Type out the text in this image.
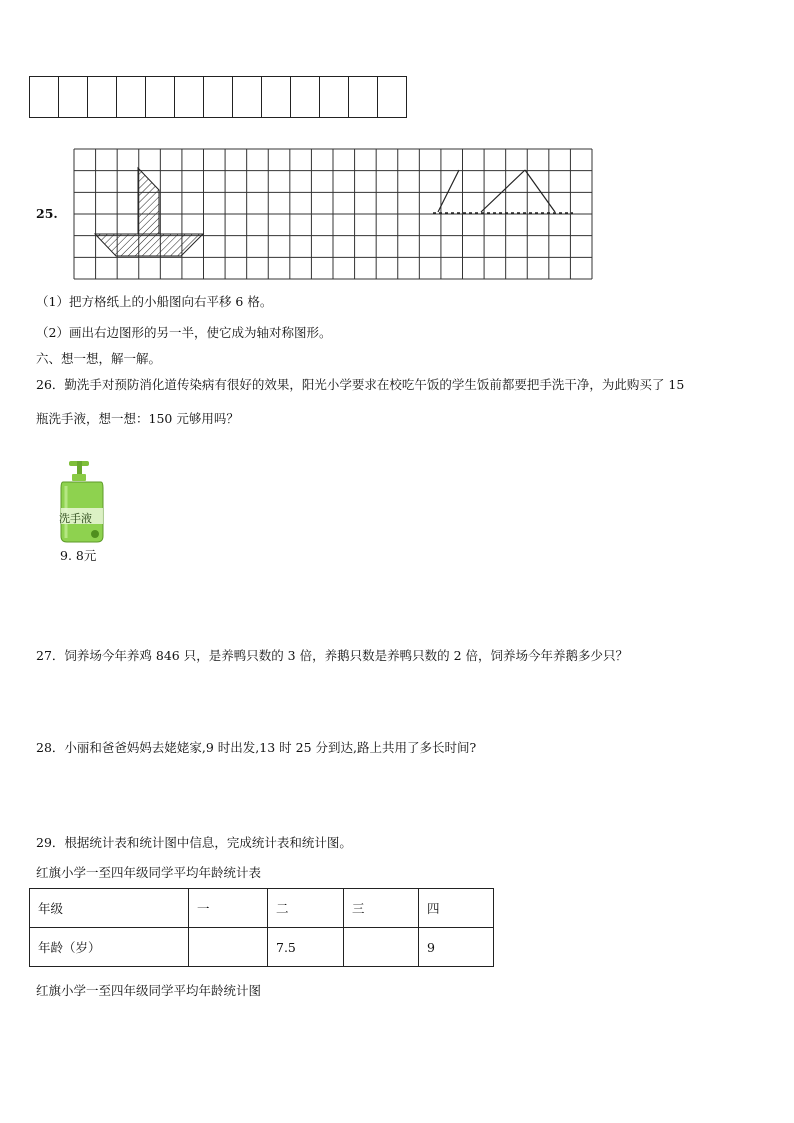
25.
（1）把方格纸上的小船图向右平移 6 格。
（2）画出右边图形的另一半，使它成为轴对称图形。
六、想一想，解一解。
26．勤洗手对预防消化道传染病有很好的效果，阳光小学要求在校吃午饭的学生饭前都要把手洗干净，为此购买了 15
瓶洗手液，想一想：150 元够用吗？
洗手液
9. 8元
27．饲养场今年养鸡 846 只，是养鸭只数的 3 倍，养鹅只数是养鸭只数的 2 倍，饲养场今年养鹅多少只？
28．小丽和爸爸妈妈去姥姥家,9 时出发,13 时 25 分到达,路上共用了多长时间?
29．根据统计表和统计图中信息，完成统计表和统计图。
红旗小学一至四年级同学平均年龄统计表
年级	一	二	三	四
年龄（岁）		7.5		9
红旗小学一至四年级同学平均年龄统计图
